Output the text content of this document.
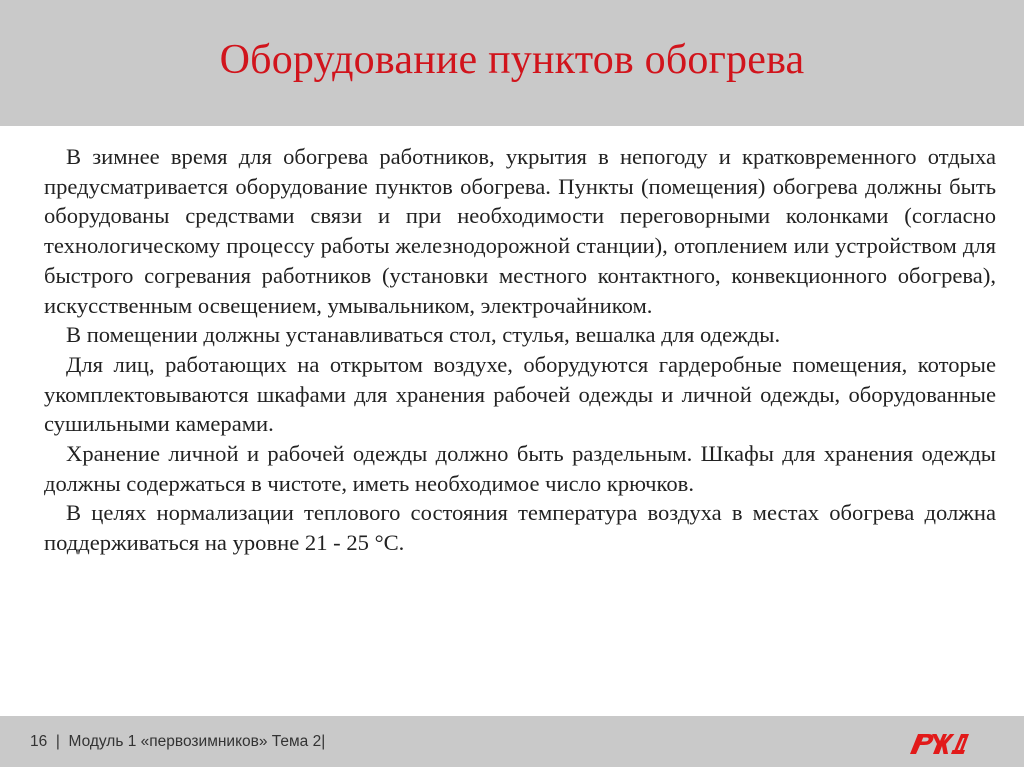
Оборудование пунктов обогрева

В зимнее время для обогрева работников, укрытия в непогоду и кратковременного отдыха предусматривается оборудование пунктов обогрева. Пункты (помещения) обогрева должны быть оборудованы средствами связи и при необходимости переговорными колонками (согласно технологическому процессу работы железнодорожной станции), отоплением или устройством для быстрого согревания работников (установки местного контактного, конвекционного обогрева), искусственным освещением, умывальником, электрочайником.

В помещении должны устанавливаться стол, стулья, вешалка для одежды.

Для лиц, работающих на открытом воздухе, оборудуются гардеробные помещения, которые укомплектовываются шкафами для хранения рабочей одежды и личной одежды, оборудованные сушильными камерами.

Хранение личной и рабочей одежды должно быть раздельным. Шкафы для хранения одежды должны содержаться в чистоте, иметь необходимое число крючков.

В целях нормализации теплового состояния температура воздуха в местах обогрева должна поддерживаться на уровне 21 - 25 °С.

16  |  Модуль 1 «первозимников» Тема 2|
